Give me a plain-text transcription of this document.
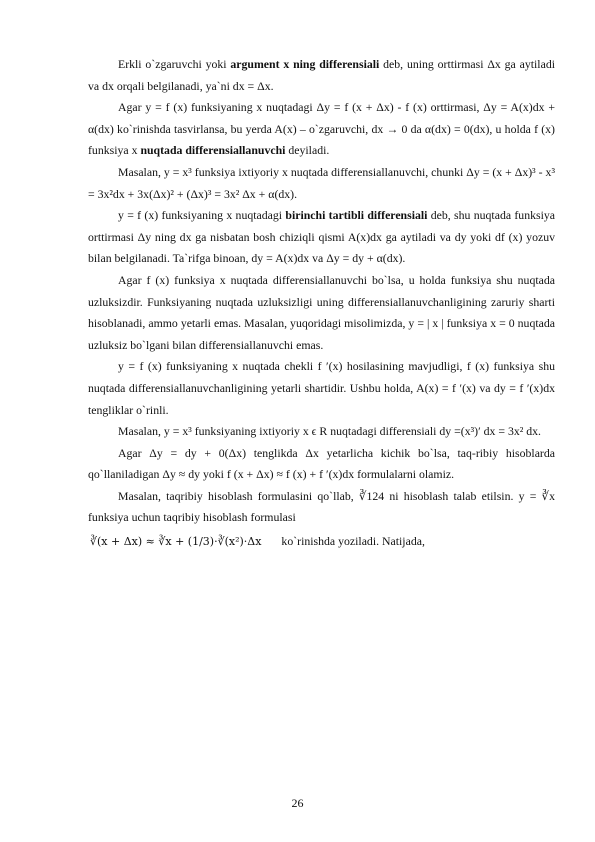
Erkli o`zgaruvchi yoki argument x ning differensiali deb, uning orttirmasi Δx ga aytiladi va dx orqali belgilanadi, ya`ni dx = Δx.

Agar y = f (x) funksiyaning x nuqtadagi Δy = f (x + Δx) - f (x) orttirmasi, Δy = A(x)dx + α(dx) ko`rinishda tasvirlansa, bu yerda A(x) – o`zgaruvchi, dx → 0 da α(dx) = 0(dx), u holda f (x) funksiya x nuqtada differensiallanuvchi deyiladi.

Masalan, y = x³ funksiya ixtiyoriy x nuqtada differensiallanuvchi, chunki Δy = (x + Δx)³ - x³ = 3x²dx + 3x(Δx)² + (Δx)³ = 3x² Δx + α(dx).

y = f (x) funksiyaning x nuqtadagi birinchi tartibli differensiali deb, shu nuqtada funksiya orttirmasi Δy ning dx ga nisbatan bosh chiziqli qismi A(x)dx ga aytiladi va dy yoki df (x) yozuv bilan belgilanadi. Ta`rifga binoan, dy = A(x)dx va Δy = dy + α(dx).

Agar f (x) funksiya x nuqtada differensiallanuvchi bo`lsa, u holda funksiya shu nuqtada uzluksizdir. Funksiyaning nuqtada uzluksizligi uning differensiallanuvchanligining zaruriy sharti hisoblanadi, ammo yetarli emas. Masalan, yuqoridagi misolimizda, y = | x | funksiya x = 0 nuqtada uzluksiz bo`lgani bilan differensiallanuvchi emas.

y = f (x) funksiyaning x nuqtada chekli f ′(x) hosilasining mavjudligi, f (x) funksiya shu nuqtada differensiallanuvchanligining yetarli shartidir. Ushbu holda, A(x) = f ′(x) va dy = f ′(x)dx tengliklar o`rinli.

Masalan, y = x³ funksiyaning ixtiyoriy x ϵ R nuqtadagi differensiali dy =(x³)′ dx = 3x² dx.

Agar Δy = dy + 0(Δx) tenglikda Δx yetarlicha kichik bo`lsa, taq-ribiy hisoblarda qo`llaniladigan Δy ≈ dy yoki f (x + Δx) ≈ f (x) + f ′(x)dx formulalarni olamiz.

Masalan, taqribiy hisoblash formulasini qo`llab, ∛124 ni hisoblash talab etilsin. y = ∛x funksiya uchun taqribiy hisoblash formulasi

∛(x + Δx) ≈ ∛x + (1/3)·∛(x²)·Δx ko`rinishda yoziladi. Natijada,
26
